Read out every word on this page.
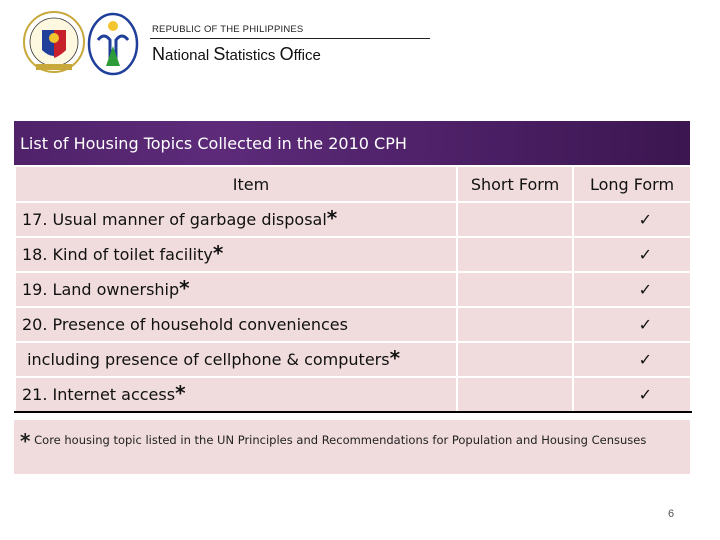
REPUBLIC OF THE PHILIPPINES
National Statistics Office
List of Housing Topics Collected in the 2010 CPH
Item	Short Form	Long Form
17. Usual manner of garbage disposal*		✓
18. Kind of toilet facility*		✓
19. Land ownership*		✓
20. Presence of household conveniences		✓
including presence of cellphone & computers*		✓
21. Internet access*		✓
* Core housing topic listed in the UN Principles and Recommendations for Population and Housing Censuses
6
